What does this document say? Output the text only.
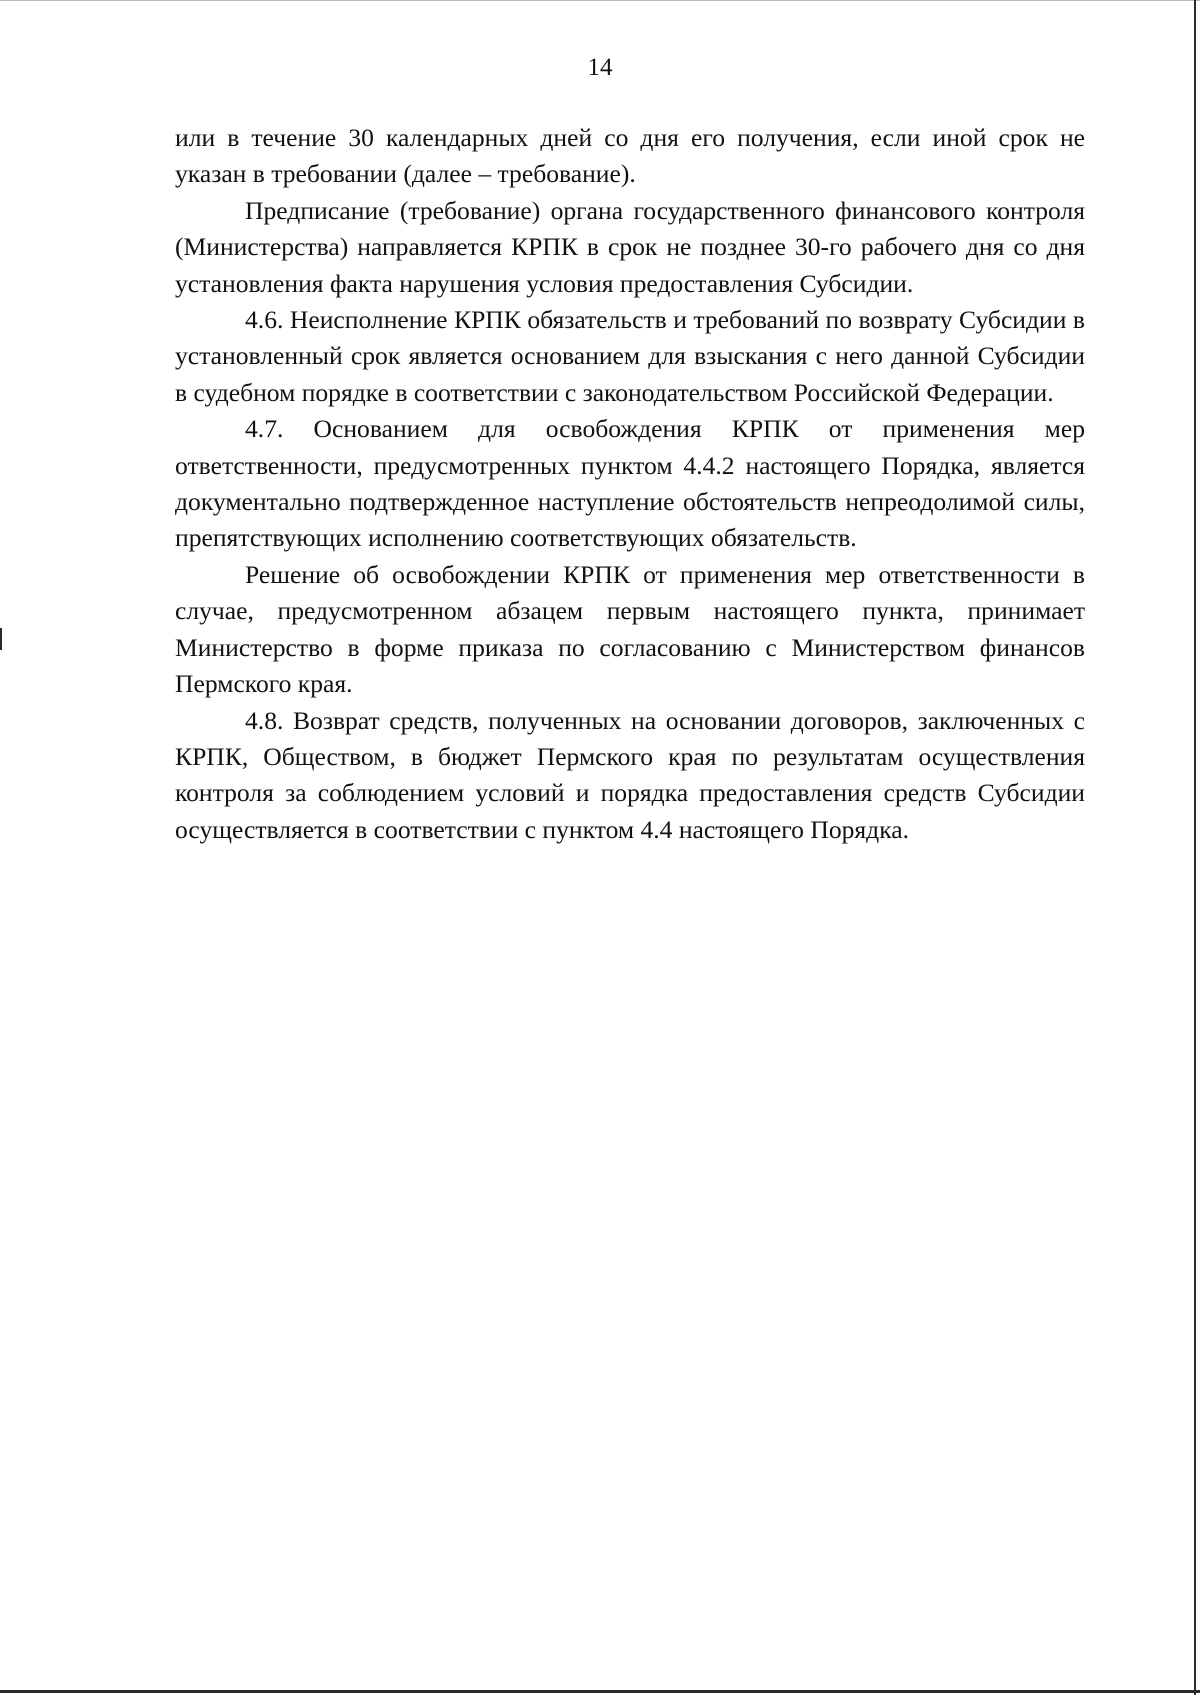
14

или в течение 30 календарных дней со дня его получения, если иной срок не указан в требовании (далее – требование).

Предписание (требование) органа государственного финансового контроля (Министерства) направляется КРПК в срок не позднее 30-го рабочего дня со дня установления факта нарушения условия предоставления Субсидии.

4.6. Неисполнение КРПК обязательств и требований по возврату Субсидии в установленный срок является основанием для взыскания с него данной Субсидии в судебном порядке в соответствии с законодательством Российской Федерации.

4.7. Основанием для освобождения КРПК от применения мер ответственности, предусмотренных пунктом 4.4.2 настоящего Порядка, является документально подтвержденное наступление обстоятельств непреодолимой силы, препятствующих исполнению соответствующих обязательств.

Решение об освобождении КРПК от применения мер ответственности в случае, предусмотренном абзацем первым настоящего пункта, принимает Министерство в форме приказа по согласованию с Министерством финансов Пермского края.

4.8. Возврат средств, полученных на основании договоров, заключенных с КРПК, Обществом, в бюджет Пермского края по результатам осуществления контроля за соблюдением условий и порядка предоставления средств Субсидии осуществляется в соответствии с пунктом 4.4 настоящего Порядка.
